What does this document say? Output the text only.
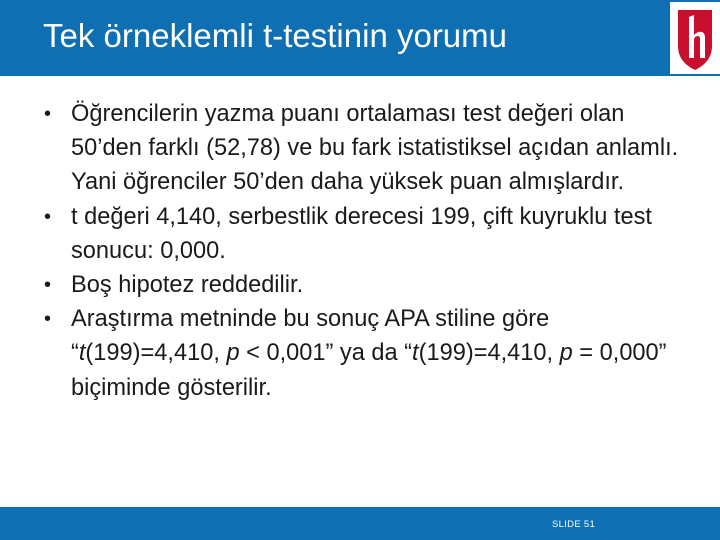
Tek örneklemli t-testinin yorumu
• Öğrencilerin yazma puanı ortalaması test değeri olan 50’den farklı (52,78) ve bu fark istatistiksel açıdan anlamlı. Yani öğrenciler 50’den daha yüksek puan almışlardır.
• t değeri 4,140, serbestlik derecesi 199, çift kuyruklu test sonucu: 0,000.
• Boş hipotez reddedilir.
• Araştırma metninde bu sonuç APA stiline göre “t(199)=4,410, p < 0,001” ya da “t(199)=4,410, p = 0,000” biçiminde gösterilir.
SLIDE 51
